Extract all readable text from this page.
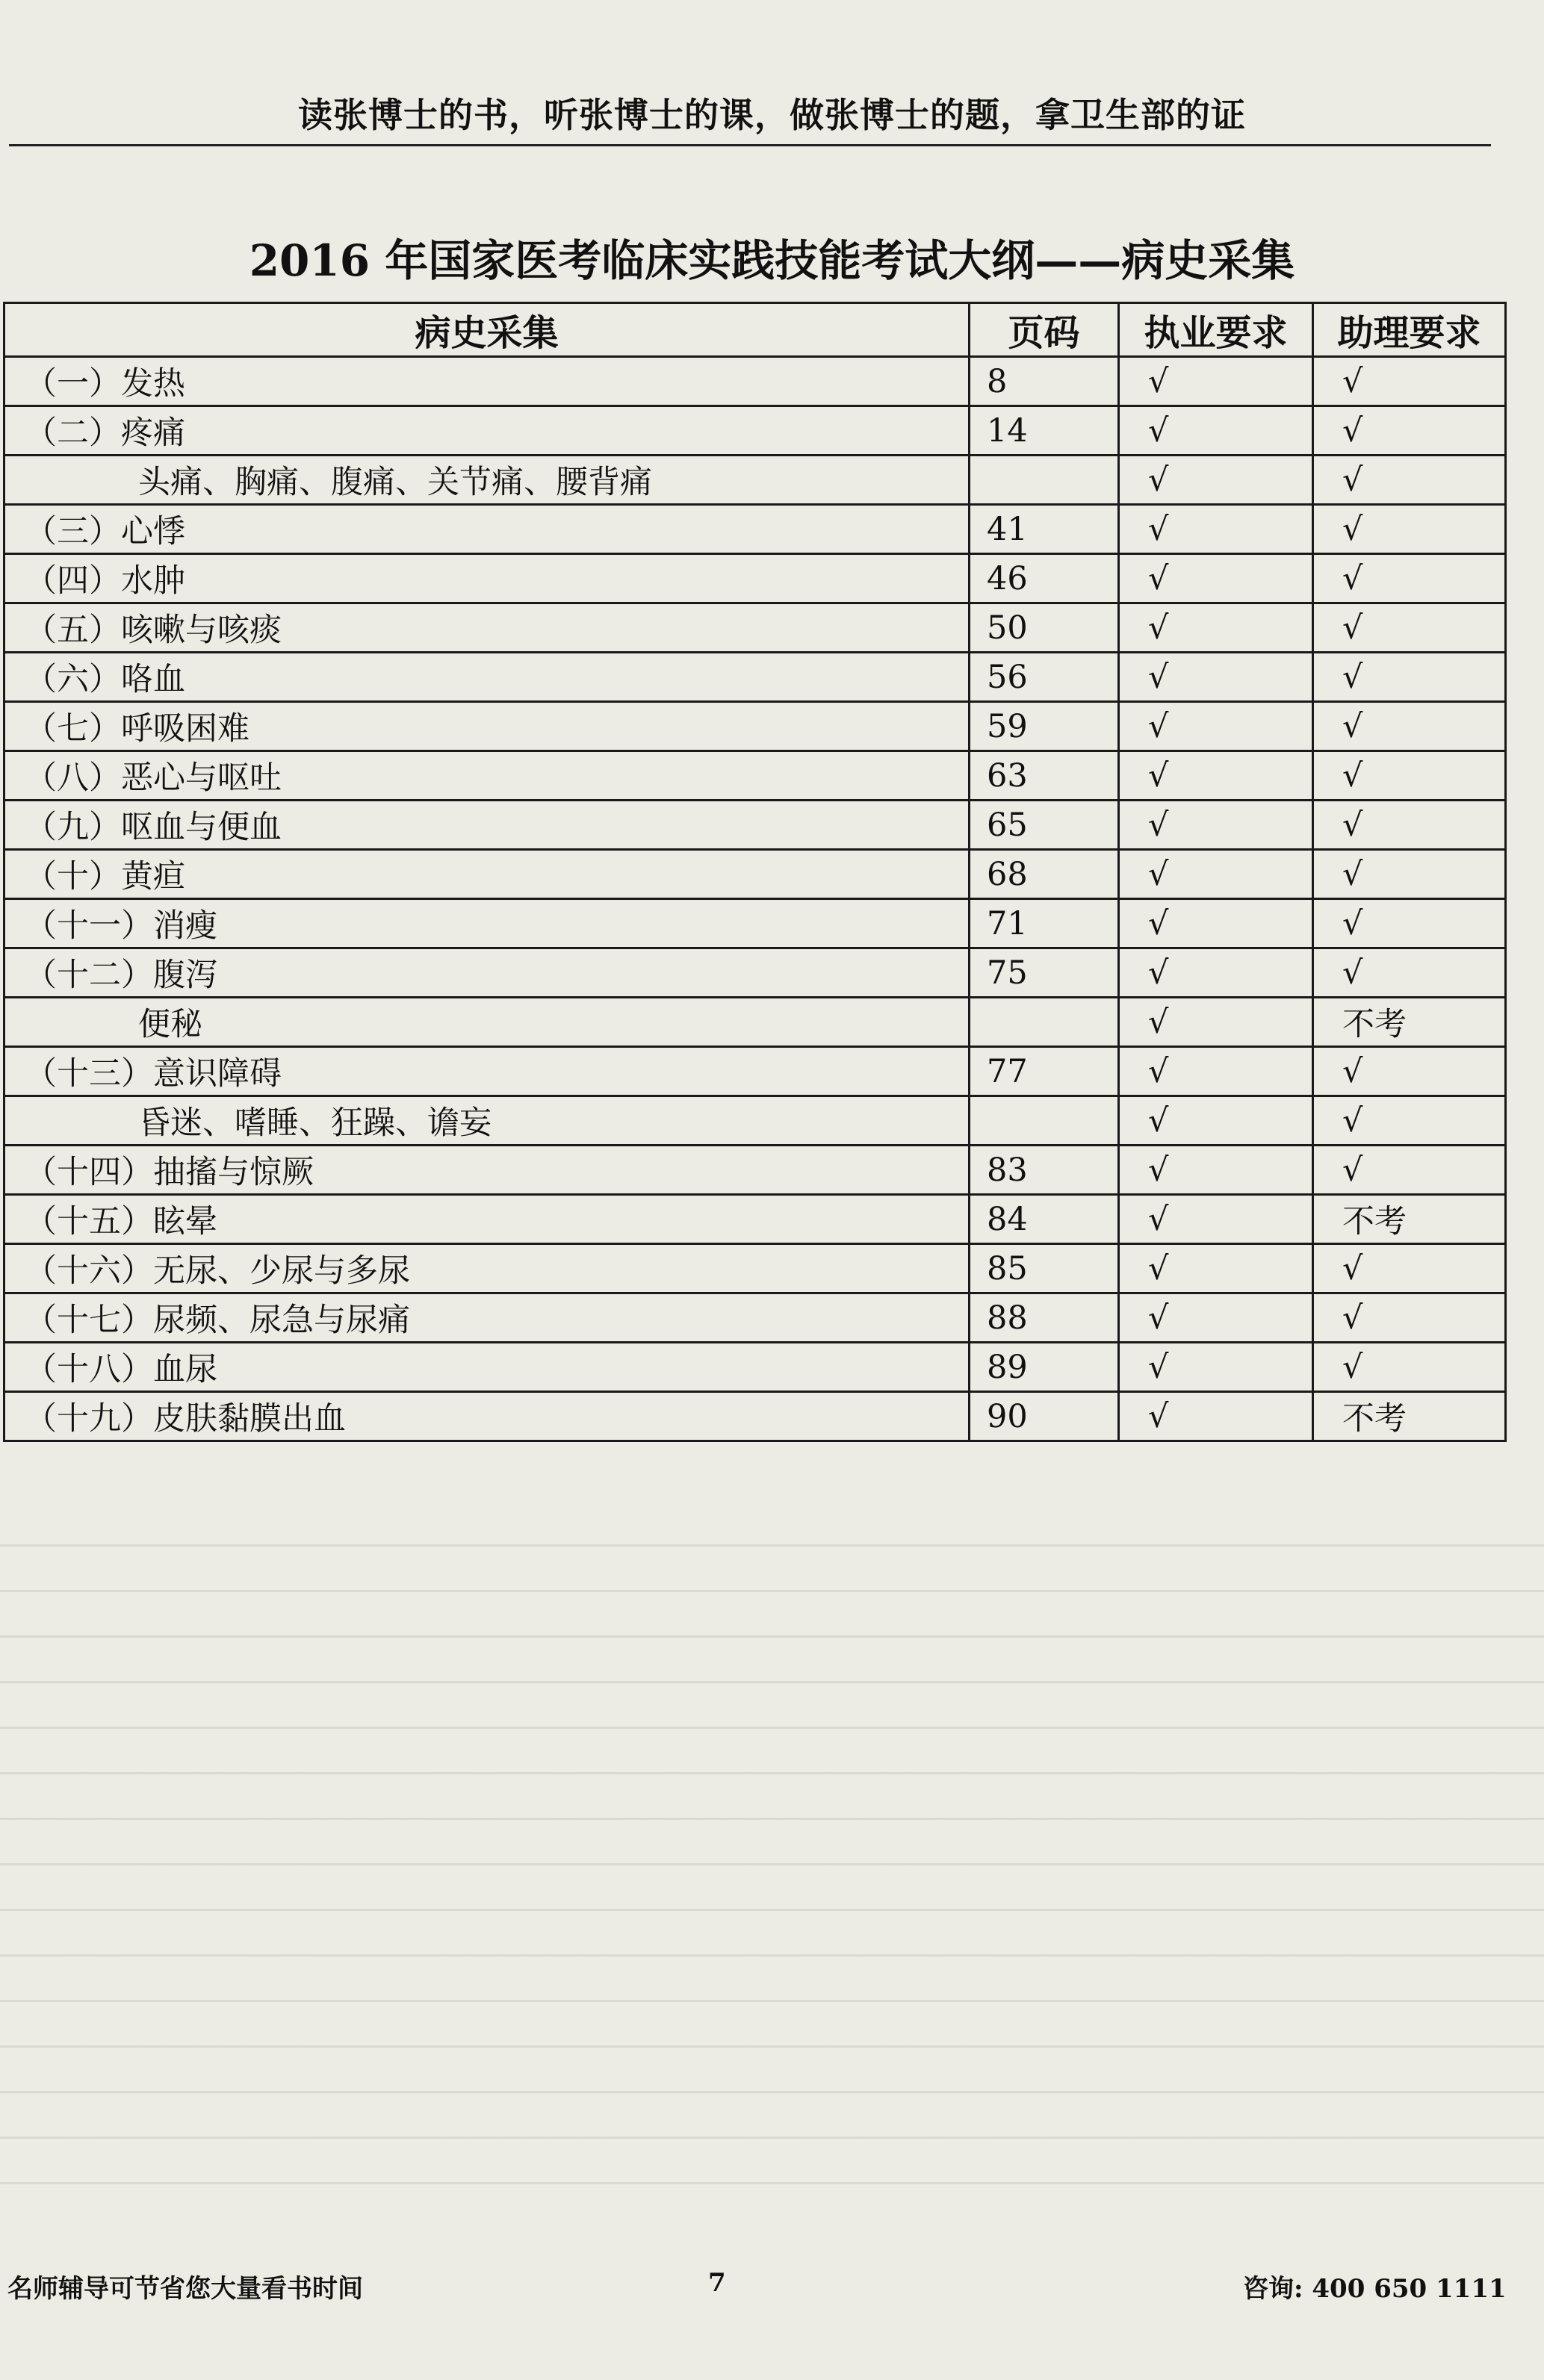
读张博士的书，听张博士的课，做张博士的题，拿卫生部的证
2016 年国家医考临床实践技能考试大纲——病史采集
病史采集	页码	执业要求	助理要求
（一）发热	8	√	√
（二）疼痛	14	√	√
头痛、胸痛、腹痛、关节痛、腰背痛		√	√
（三）心悸	41	√	√
（四）水肿	46	√	√
（五）咳嗽与咳痰	50	√	√
（六）咯血	56	√	√
（七）呼吸困难	59	√	√
（八）恶心与呕吐	63	√	√
（九）呕血与便血	65	√	√
（十）黄疸	68	√	√
（十一）消瘦	71	√	√
（十二）腹泻	75	√	√
便秘		√	不考
（十三）意识障碍	77	√	√
昏迷、嗜睡、狂躁、谵妄		√	√
（十四）抽搐与惊厥	83	√	√
（十五）眩晕	84	√	不考
（十六）无尿、少尿与多尿	85	√	√
（十七）尿频、尿急与尿痛	88	√	√
（十八）血尿	89	√	√
（十九）皮肤黏膜出血	90	√	不考
名师辅导可节省您大量看书时间	7	咨询: 400 650 1111
